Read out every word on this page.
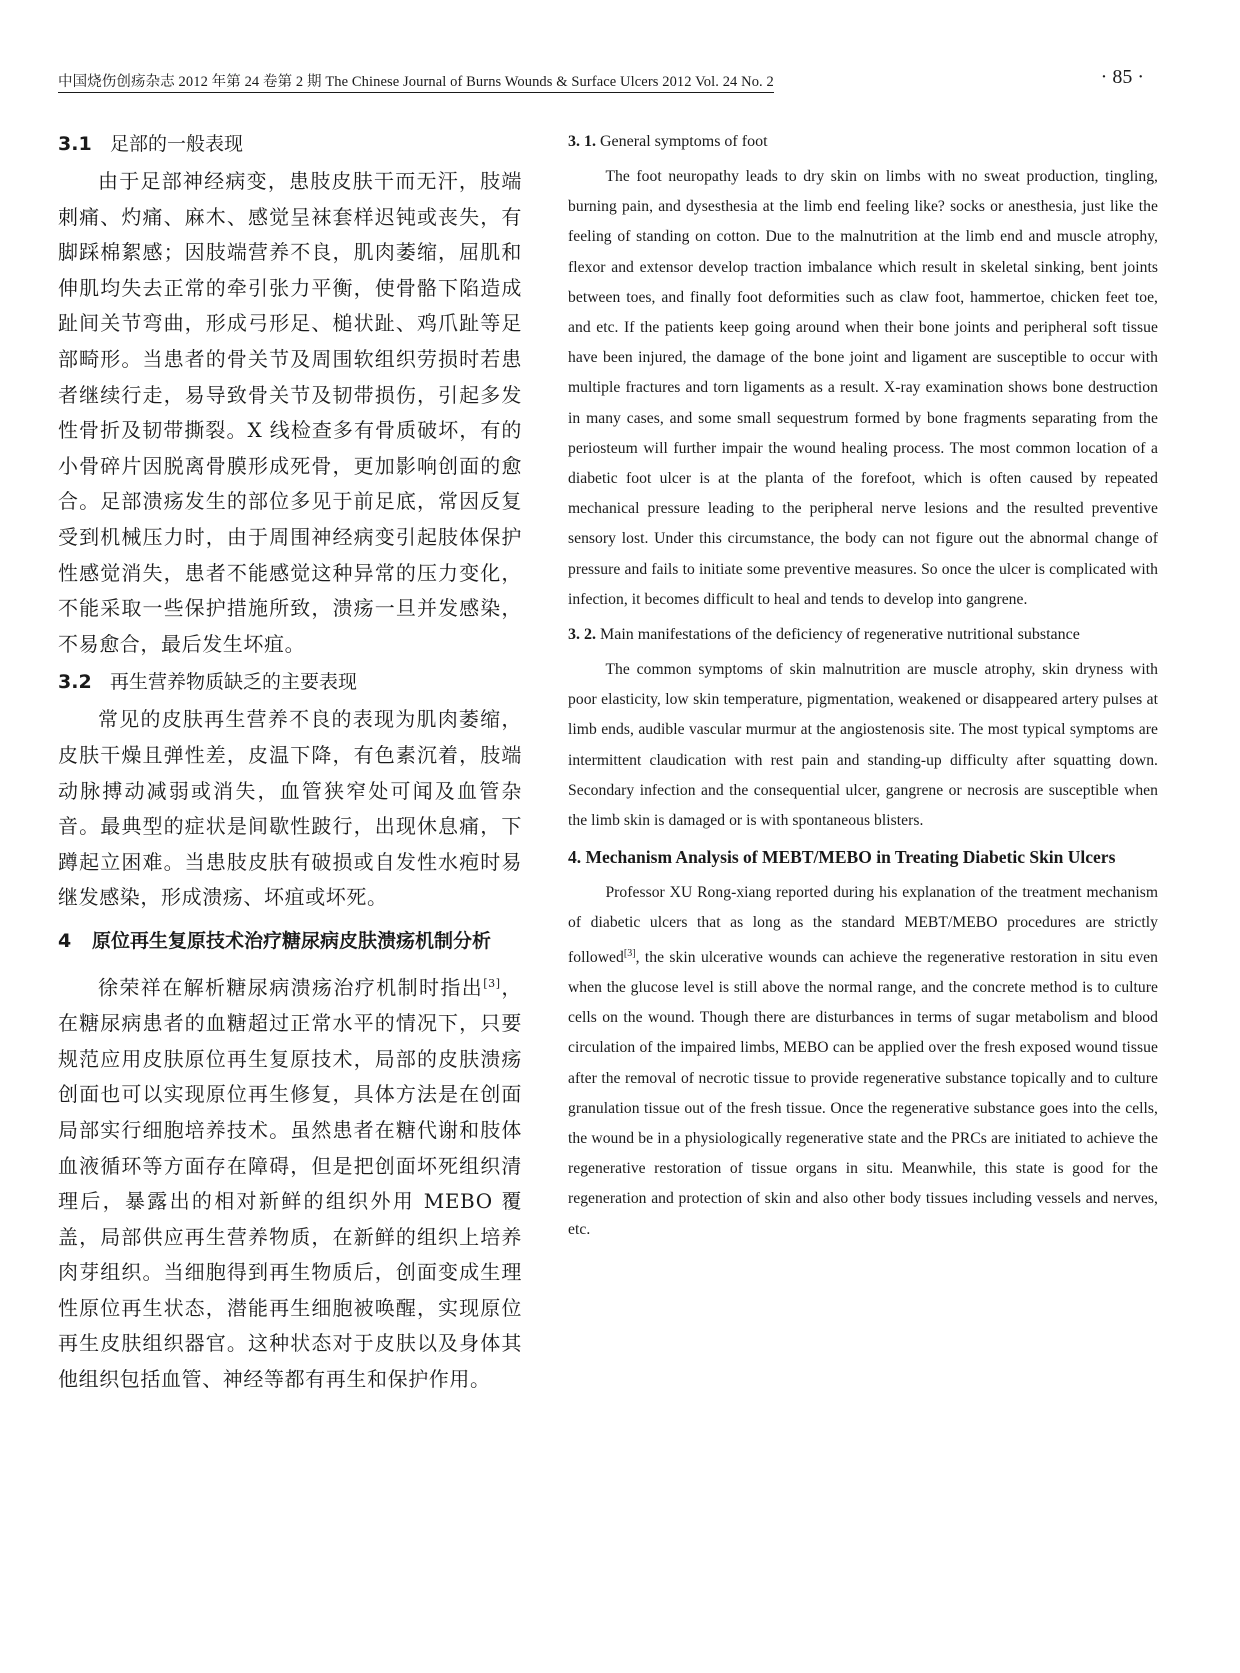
中国烧伤创疡杂志 2012 年第 24 卷第 2 期 The Chinese Journal of Burns Wounds & Surface Ulcers 2012 Vol. 24 No. 2	· 85 ·
3.1 足部的一般表现

由于足部神经病变，患肢皮肤干而无汗，肢端刺痛、灼痛、麻木、感觉呈袜套样迟钝或丧失，有脚踩棉絮感；因肢端营养不良，肌肉萎缩，屈肌和伸肌均失去正常的牵引张力平衡，使骨骼下陷造成趾间关节弯曲，形成弓形足、槌状趾、鸡爪趾等足部畸形。当患者的骨关节及周围软组织劳损时若患者继续行走，易导致骨关节及韧带损伤，引起多发性骨折及韧带撕裂。X 线检查多有骨质破坏，有的小骨碎片因脱离骨膜形成死骨，更加影响创面的愈合。足部溃疡发生的部位多见于前足底，常因反复受到机械压力时，由于周围神经病变引起肢体保护性感觉消失，患者不能感觉这种异常的压力变化，不能采取一些保护措施所致，溃疡一旦并发感染，不易愈合，最后发生坏疽。

3.2 再生营养物质缺乏的主要表现

常见的皮肤再生营养不良的表现为肌肉萎缩，皮肤干燥且弹性差，皮温下降，有色素沉着，肢端动脉搏动减弱或消失，血管狭窄处可闻及血管杂音。最典型的症状是间歇性跛行，出现休息痛，下蹲起立困难。当患肢皮肤有破损或自发性水疱时易继发感染，形成溃疡、坏疽或坏死。

4	原位再生复原技术治疗糖尿病皮肤溃疡机制分析

徐荣祥在解析糖尿病溃疡治疗机制时指出[3]，在糖尿病患者的血糖超过正常水平的情况下，只要规范应用皮肤原位再生复原技术，局部的皮肤溃疡创面也可以实现原位再生修复，具体方法是在创面局部实行细胞培养技术。虽然患者在糖代谢和肢体血液循环等方面存在障碍，但是把创面坏死组织清理后，暴露出的相对新鲜的组织外用 MEBO 覆盖，局部供应再生营养物质，在新鲜的组织上培养肉芽组织。当细胞得到再生物质后，创面变成生理性原位再生状态，潜能再生细胞被唤醒，实现原位再生皮肤组织器官。这种状态对于皮肤以及身体其他组织包括血管、神经等都有再生和保护作用。

3. 1. General symptoms of foot

The foot neuropathy leads to dry skin on limbs with no sweat production, tingling, burning pain, and dysesthesia at the limb end feeling like? socks or anesthesia, just like the feeling of standing on cotton. Due to the malnutrition at the limb end and muscle atrophy, flexor and extensor develop traction imbalance which result in skeletal sinking, bent joints between toes, and finally foot deformities such as claw foot, hammertoe, chicken feet toe, and etc. If the patients keep going around when their bone joints and peripheral soft tissue have been injured, the damage of the bone joint and ligament are susceptible to occur with multiple fractures and torn ligaments as a result. X-ray examination shows bone destruction in many cases, and some small sequestrum formed by bone fragments separating from the periosteum will further impair the wound healing process. The most common location of a diabetic foot ulcer is at the planta of the forefoot, which is often caused by repeated mechanical pressure leading to the peripheral nerve lesions and the resulted preventive sensory lost. Under this circumstance, the body can not figure out the abnormal change of pressure and fails to initiate some preventive measures. So once the ulcer is complicated with infection, it becomes difficult to heal and tends to develop into gangrene.

3. 2. Main manifestations of the deficiency of regenerative nutritional substance

The common symptoms of skin malnutrition are muscle atrophy, skin dryness with poor elasticity, low skin temperature, pigmentation, weakened or disappeared artery pulses at limb ends, audible vascular murmur at the angiostenosis site. The most typical symptoms are intermittent claudication with rest pain and standing-up difficulty after squatting down. Secondary infection and the consequential ulcer, gangrene or necrosis are susceptible when the limb skin is damaged or is with spontaneous blisters.

4. Mechanism Analysis of MEBT/MEBO in Treating Diabetic Skin Ulcers

Professor XU Rong-xiang reported during his explanation of the treatment mechanism of diabetic ulcers that as long as the standard MEBT/MEBO procedures are strictly followed[3], the skin ulcerative wounds can achieve the regenerative restoration in situ even when the glucose level is still above the normal range, and the concrete method is to culture cells on the wound. Though there are disturbances in terms of sugar metabolism and blood circulation of the impaired limbs, MEBO can be applied over the fresh exposed wound tissue after the removal of necrotic tissue to provide regenerative substance topically and to culture granulation tissue out of the fresh tissue. Once the regenerative substance goes into the cells, the wound be in a physiologically regenerative state and the PRCs are initiated to achieve the regenerative restoration of tissue organs in situ. Meanwhile, this state is good for the regeneration and protection of skin and also other body tissues including vessels and nerves, etc.
